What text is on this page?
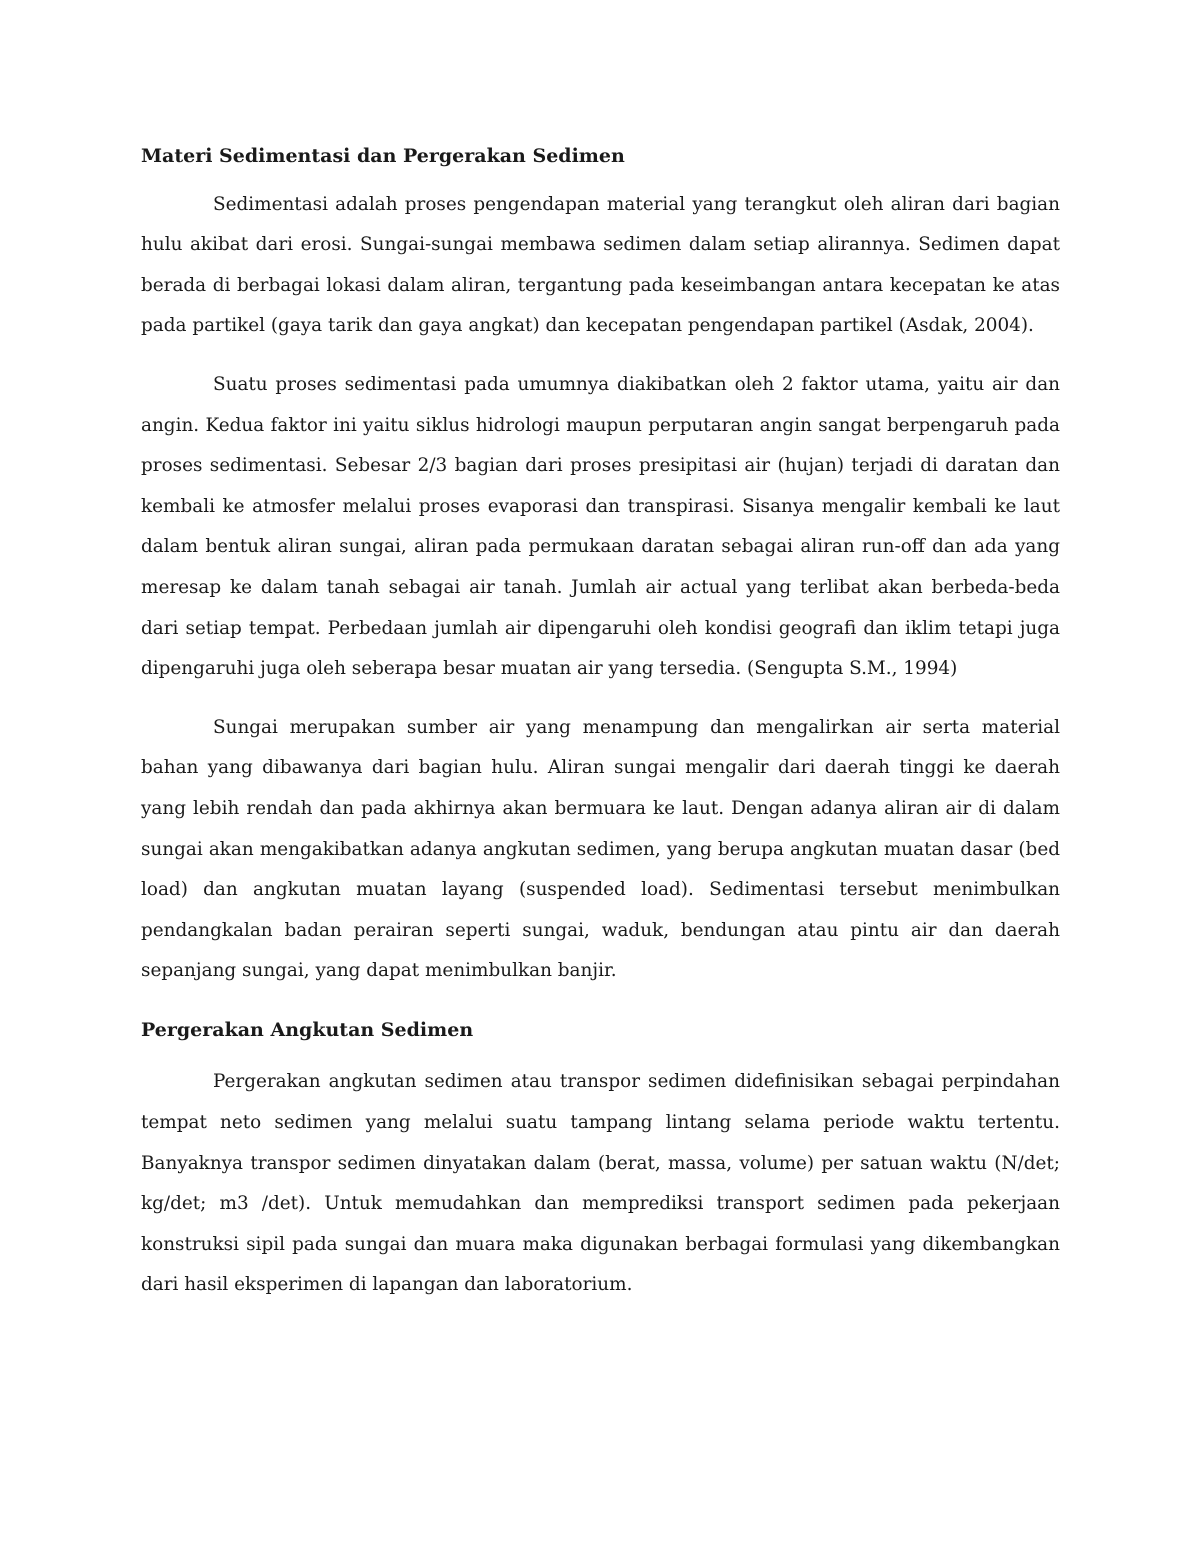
Materi Sedimentasi dan Pergerakan Sedimen

Sedimentasi adalah proses pengendapan material yang terangkut oleh aliran dari bagian hulu akibat dari erosi. Sungai-sungai membawa sedimen dalam setiap alirannya. Sedimen dapat berada di berbagai lokasi dalam aliran, tergantung pada keseimbangan antara kecepatan ke atas pada partikel (gaya tarik dan gaya angkat) dan kecepatan pengendapan partikel (Asdak, 2004).

Suatu proses sedimentasi pada umumnya diakibatkan oleh 2 faktor utama, yaitu air dan angin. Kedua faktor ini yaitu siklus hidrologi maupun perputaran angin sangat berpengaruh pada proses sedimentasi. Sebesar 2/3 bagian dari proses presipitasi air (hujan) terjadi di daratan dan kembali ke atmosfer melalui proses evaporasi dan transpirasi. Sisanya mengalir kembali ke laut dalam bentuk aliran sungai, aliran pada permukaan daratan sebagai aliran run-off dan ada yang meresap ke dalam tanah sebagai air tanah. Jumlah air actual yang terlibat akan berbeda-beda dari setiap tempat. Perbedaan jumlah air dipengaruhi oleh kondisi geografi dan iklim tetapi juga dipengaruhi juga oleh seberapa besar muatan air yang tersedia. (Sengupta S.M., 1994)

Sungai merupakan sumber air yang menampung dan mengalirkan air serta material bahan yang dibawanya dari bagian hulu. Aliran sungai mengalir dari daerah tinggi ke daerah yang lebih rendah dan pada akhirnya akan bermuara ke laut. Dengan adanya aliran air di dalam sungai akan mengakibatkan adanya angkutan sedimen, yang berupa angkutan muatan dasar (bed load) dan angkutan muatan layang (suspended load). Sedimentasi tersebut menimbulkan pendangkalan badan perairan seperti sungai, waduk, bendungan atau pintu air dan daerah sepanjang sungai, yang dapat menimbulkan banjir.

Pergerakan Angkutan Sedimen

Pergerakan angkutan sedimen atau transpor sedimen didefinisikan sebagai perpindahan tempat neto sedimen yang melalui suatu tampang lintang selama periode waktu tertentu. Banyaknya transpor sedimen dinyatakan dalam (berat, massa, volume) per satuan waktu (N/det; kg/det; m3 /det). Untuk memudahkan dan memprediksi transport sedimen pada pekerjaan konstruksi sipil pada sungai dan muara maka digunakan berbagai formulasi yang dikembangkan dari hasil eksperimen di lapangan dan laboratorium.
